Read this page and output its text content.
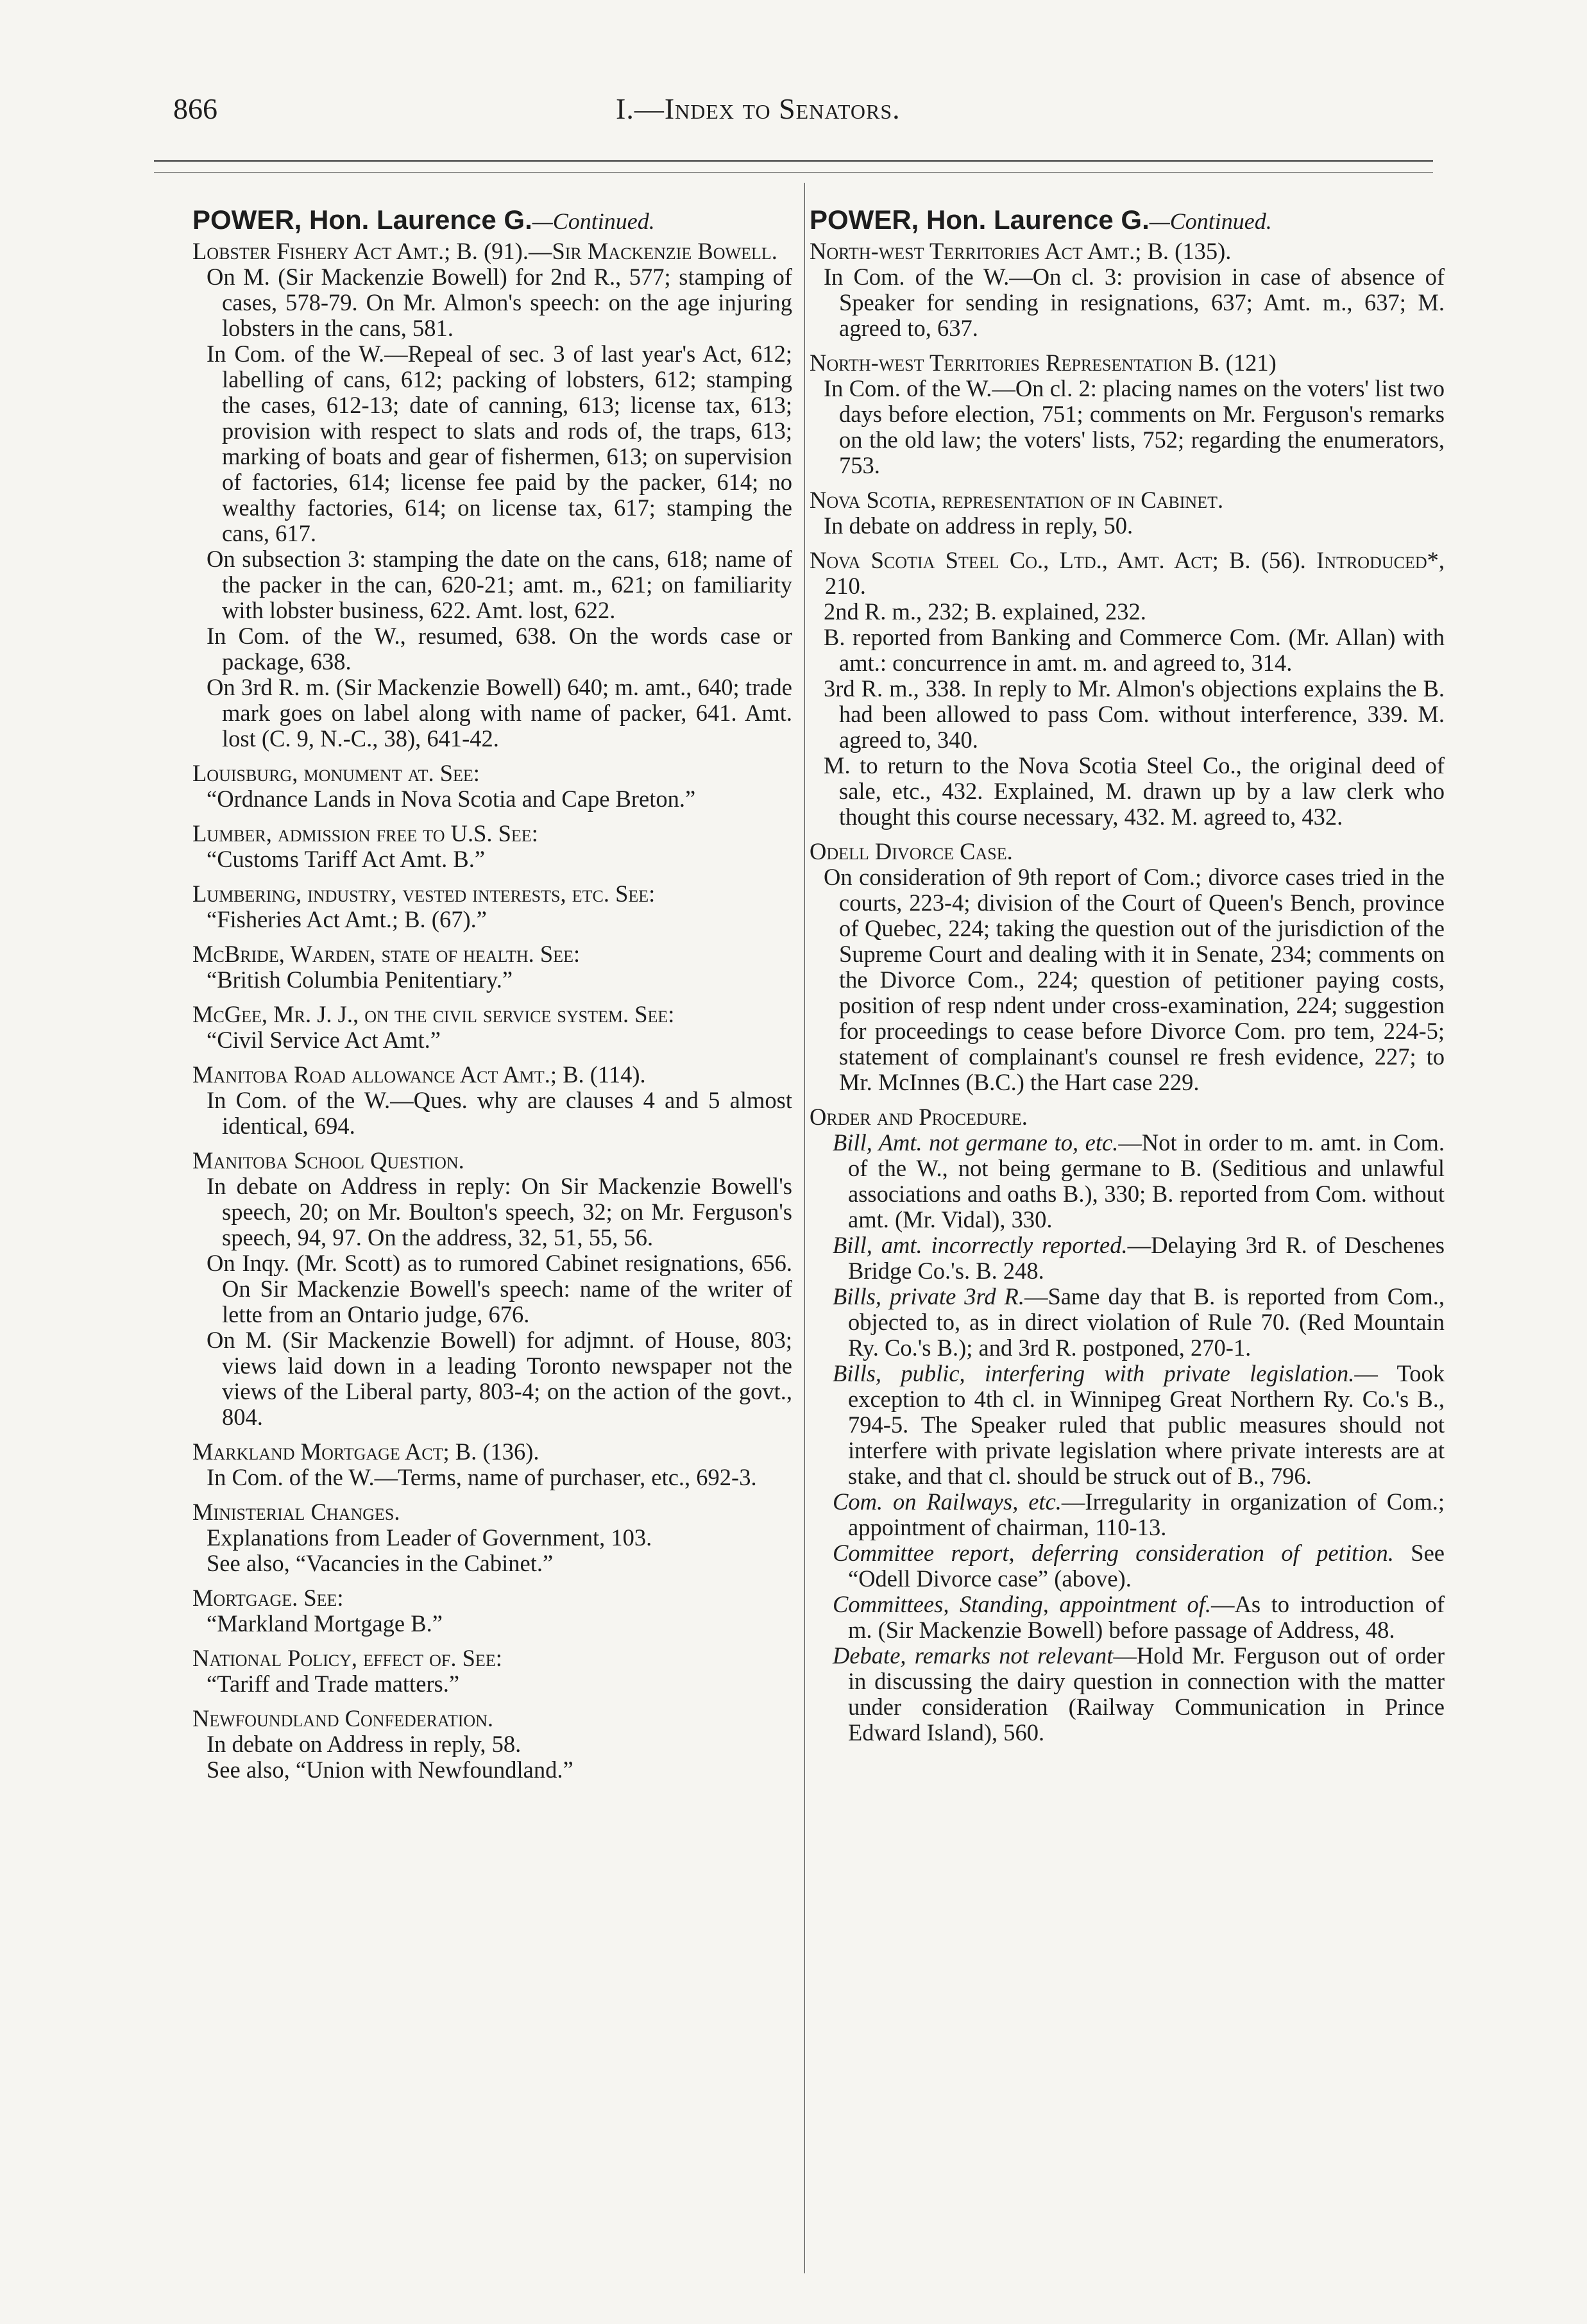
866	I.—Index to Senators.
POWER, Hon. Laurence G.—Continued.
Lobster Fishery Act Amt.; B. (91).—Sir Mackenzie Bowell.
On M. (Sir Mackenzie Bowell) for 2nd R., 577; stamping of cases, 578-79. On Mr. Almon's speech: on the age injuring lobsters in the cans, 581.
In Com. of the W.—Repeal of sec. 3 of last year's Act, 612; labelling of cans, 612; packing of lobsters, 612; stamping the cases, 612-13; date of canning, 613; license tax, 613; provision with respect to slats and rods of, the traps, 613; marking of boats and gear of fishermen, 613; on supervision of factories, 614; license fee paid by the packer, 614; no wealthy factories, 614; on license tax, 617; stamping the cans, 617.
On subsection 3: stamping the date on the cans, 618; name of the packer in the can, 620-21; amt. m., 621; on familiarity with lobster business, 622. Amt. lost, 622.
In Com. of the W., resumed, 638. On the words case or package, 638.
On 3rd R. m. (Sir Mackenzie Bowell) 640; m. amt., 640; trade mark goes on label along with name of packer, 641. Amt. lost (C. 9, N.-C., 38), 641-42.
Louisburg, monument at. See:
“Ordnance Lands in Nova Scotia and Cape Breton.”
Lumber, admission free to U.S. See:
“Customs Tariff Act Amt. B.”
Lumbering, industry, vested interests, etc. See:
“Fisheries Act Amt.; B. (67).”
McBride, Warden, state of health. See:
“British Columbia Penitentiary.”
McGee, Mr. J. J., on the civil service system. See:
“Civil Service Act Amt.”
Manitoba Road allowance Act Amt.; B. (114).
In Com. of the W.—Ques. why are clauses 4 and 5 almost identical, 694.
Manitoba School Question.
In debate on Address in reply: On Sir Mackenzie Bowell's speech, 20; on Mr. Boulton's speech, 32; on Mr. Ferguson's speech, 94, 97. On the address, 32, 51, 55, 56.
On Inqy. (Mr. Scott) as to rumored Cabinet resignations, 656. On Sir Mackenzie Bowell's speech: name of the writer of lette from an Ontario judge, 676.
On M. (Sir Mackenzie Bowell) for adjmnt. of House, 803; views laid down in a leading Toronto newspaper not the views of the Liberal party, 803-4; on the action of the govt., 804.
Markland Mortgage Act; B. (136).
In Com. of the W.—Terms, name of purchaser, etc., 692-3.
Ministerial Changes.
Explanations from Leader of Government, 103.
See also, “Vacancies in the Cabinet.”
Mortgage. See:
“Markland Mortgage B.”
National Policy, effect of. See:
“Tariff and Trade matters.”
Newfoundland Confederation.
In debate on Address in reply, 58.
See also, “Union with Newfoundland.”
POWER, Hon. Laurence G.—Continued.
North-west Territories Act Amt.; B. (135).
In Com. of the W.—On cl. 3: provision in case of absence of Speaker for sending in resignations, 637; Amt. m., 637; M. agreed to, 637.
North-west Territories Representation B. (121)
In Com. of the W.—On cl. 2: placing names on the voters' list two days before election, 751; comments on Mr. Ferguson's remarks on the old law; the voters' lists, 752; regarding the enumerators, 753.
Nova Scotia, representation of in Cabinet.
In debate on address in reply, 50.
Nova Scotia Steel Co., Ltd., Amt. Act; B. (56). Introduced*, 210.
2nd R. m., 232; B. explained, 232.
B. reported from Banking and Commerce Com. (Mr. Allan) with amt.: concurrence in amt. m. and agreed to, 314.
3rd R. m., 338. In reply to Mr. Almon's objections explains the B. had been allowed to pass Com. without interference, 339. M. agreed to, 340.
M. to return to the Nova Scotia Steel Co., the original deed of sale, etc., 432. Explained, M. drawn up by a law clerk who thought this course necessary, 432. M. agreed to, 432.
Odell Divorce Case.
On consideration of 9th report of Com.; divorce cases tried in the courts, 223-4; division of the Court of Queen's Bench, province of Quebec, 224; taking the question out of the jurisdiction of the Supreme Court and dealing with it in Senate, 234; comments on the Divorce Com., 224; question of petitioner paying costs, position of resp ndent under cross-examination, 224; suggestion for proceedings to cease before Divorce Com. pro tem, 224-5; statement of complainant's counsel re fresh evidence, 227; to Mr. McInnes (B.C.) the Hart case 229.
Order and Procedure.
Bill, Amt. not germane to, etc.—Not in order to m. amt. in Com. of the W., not being germane to B. (Seditious and unlawful associations and oaths B.), 330; B. reported from Com. without amt. (Mr. Vidal), 330.
Bill, amt. incorrectly reported.—Delaying 3rd R. of Deschenes Bridge Co.'s. B. 248.
Bills, private 3rd R.—Same day that B. is reported from Com., objected to, as in direct violation of Rule 70. (Red Mountain Ry. Co.'s B.); and 3rd R. postponed, 270-1.
Bills, public, interfering with private legislation.— Took exception to 4th cl. in Winnipeg Great Northern Ry. Co.'s B., 794-5. The Speaker ruled that public measures should not interfere with private legislation where private interests are at stake, and that cl. should be struck out of B., 796.
Com. on Railways, etc.—Irregularity in organization of Com.; appointment of chairman, 110-13.
Committee report, deferring consideration of petition. See “Odell Divorce case” (above).
Committees, Standing, appointment of.—As to introduction of m. (Sir Mackenzie Bowell) before passage of Address, 48.
Debate, remarks not relevant—Hold Mr. Ferguson out of order in discussing the dairy question in connection with the matter under consideration (Railway Communication in Prince Edward Island), 560.
